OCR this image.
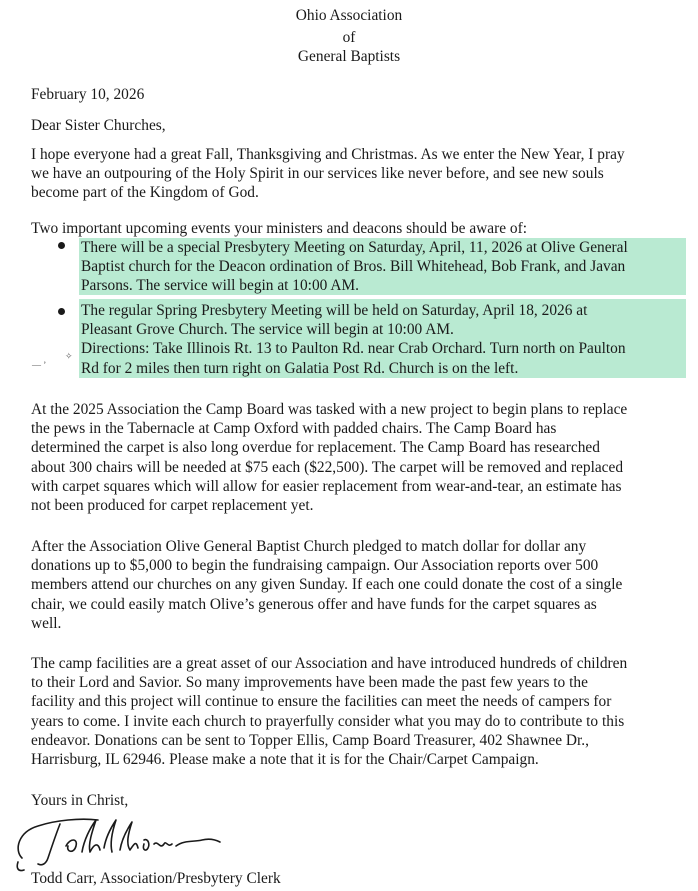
Ohio Association
of
General Baptists
February 10, 2026
Dear Sister Churches,
I hope everyone had a great Fall, Thanksgiving and Christmas. As we enter the New Year, I pray
we have an outpouring of the Holy Spirit in our services like never before, and see new souls
become part of the Kingdom of God.
Two important upcoming events your ministers and deacons should be aware of:
There will be a special Presbytery Meeting on Saturday, April, 11, 2026 at Olive General
Baptist church for the Deacon ordination of Bros. Bill Whitehead, Bob Frank, and Javan
Parsons. The service will begin at 10:00 AM.
The regular Spring Presbytery Meeting will be held on Saturday, April 18, 2026 at
Pleasant Grove Church. The service will begin at 10:00 AM.
Directions: Take Illinois Rt. 13 to Paulton Rd. near Crab Orchard. Turn north on Paulton
Rd for 2 miles then turn right on Galatia Post Rd. Church is on the left.
— ʼ
✧
At the 2025 Association the Camp Board was tasked with a new project to begin plans to replace
the pews in the Tabernacle at Camp Oxford with padded chairs. The Camp Board has
determined the carpet is also long overdue for replacement. The Camp Board has researched
about 300 chairs will be needed at $75 each ($22,500). The carpet will be removed and replaced
with carpet squares which will allow for easier replacement from wear-and-tear, an estimate has
not been produced for carpet replacement yet.
After the Association Olive General Baptist Church pledged to match dollar for dollar any
donations up to $5,000 to begin the fundraising campaign. Our Association reports over 500
members attend our churches on any given Sunday. If each one could donate the cost of a single
chair, we could easily match Olive’s generous offer and have funds for the carpet squares as
well.
The camp facilities are a great asset of our Association and have introduced hundreds of children
to their Lord and Savior. So many improvements have been made the past few years to the
facility and this project will continue to ensure the facilities can meet the needs of campers for
years to come. I invite each church to prayerfully consider what you may do to contribute to this
endeavor. Donations can be sent to Topper Ellis, Camp Board Treasurer, 402 Shawnee Dr.,
Harrisburg, IL 62946. Please make a note that it is for the Chair/Carpet Campaign.
Yours in Christ,
Todd Carr, Association/Presbytery Clerk
